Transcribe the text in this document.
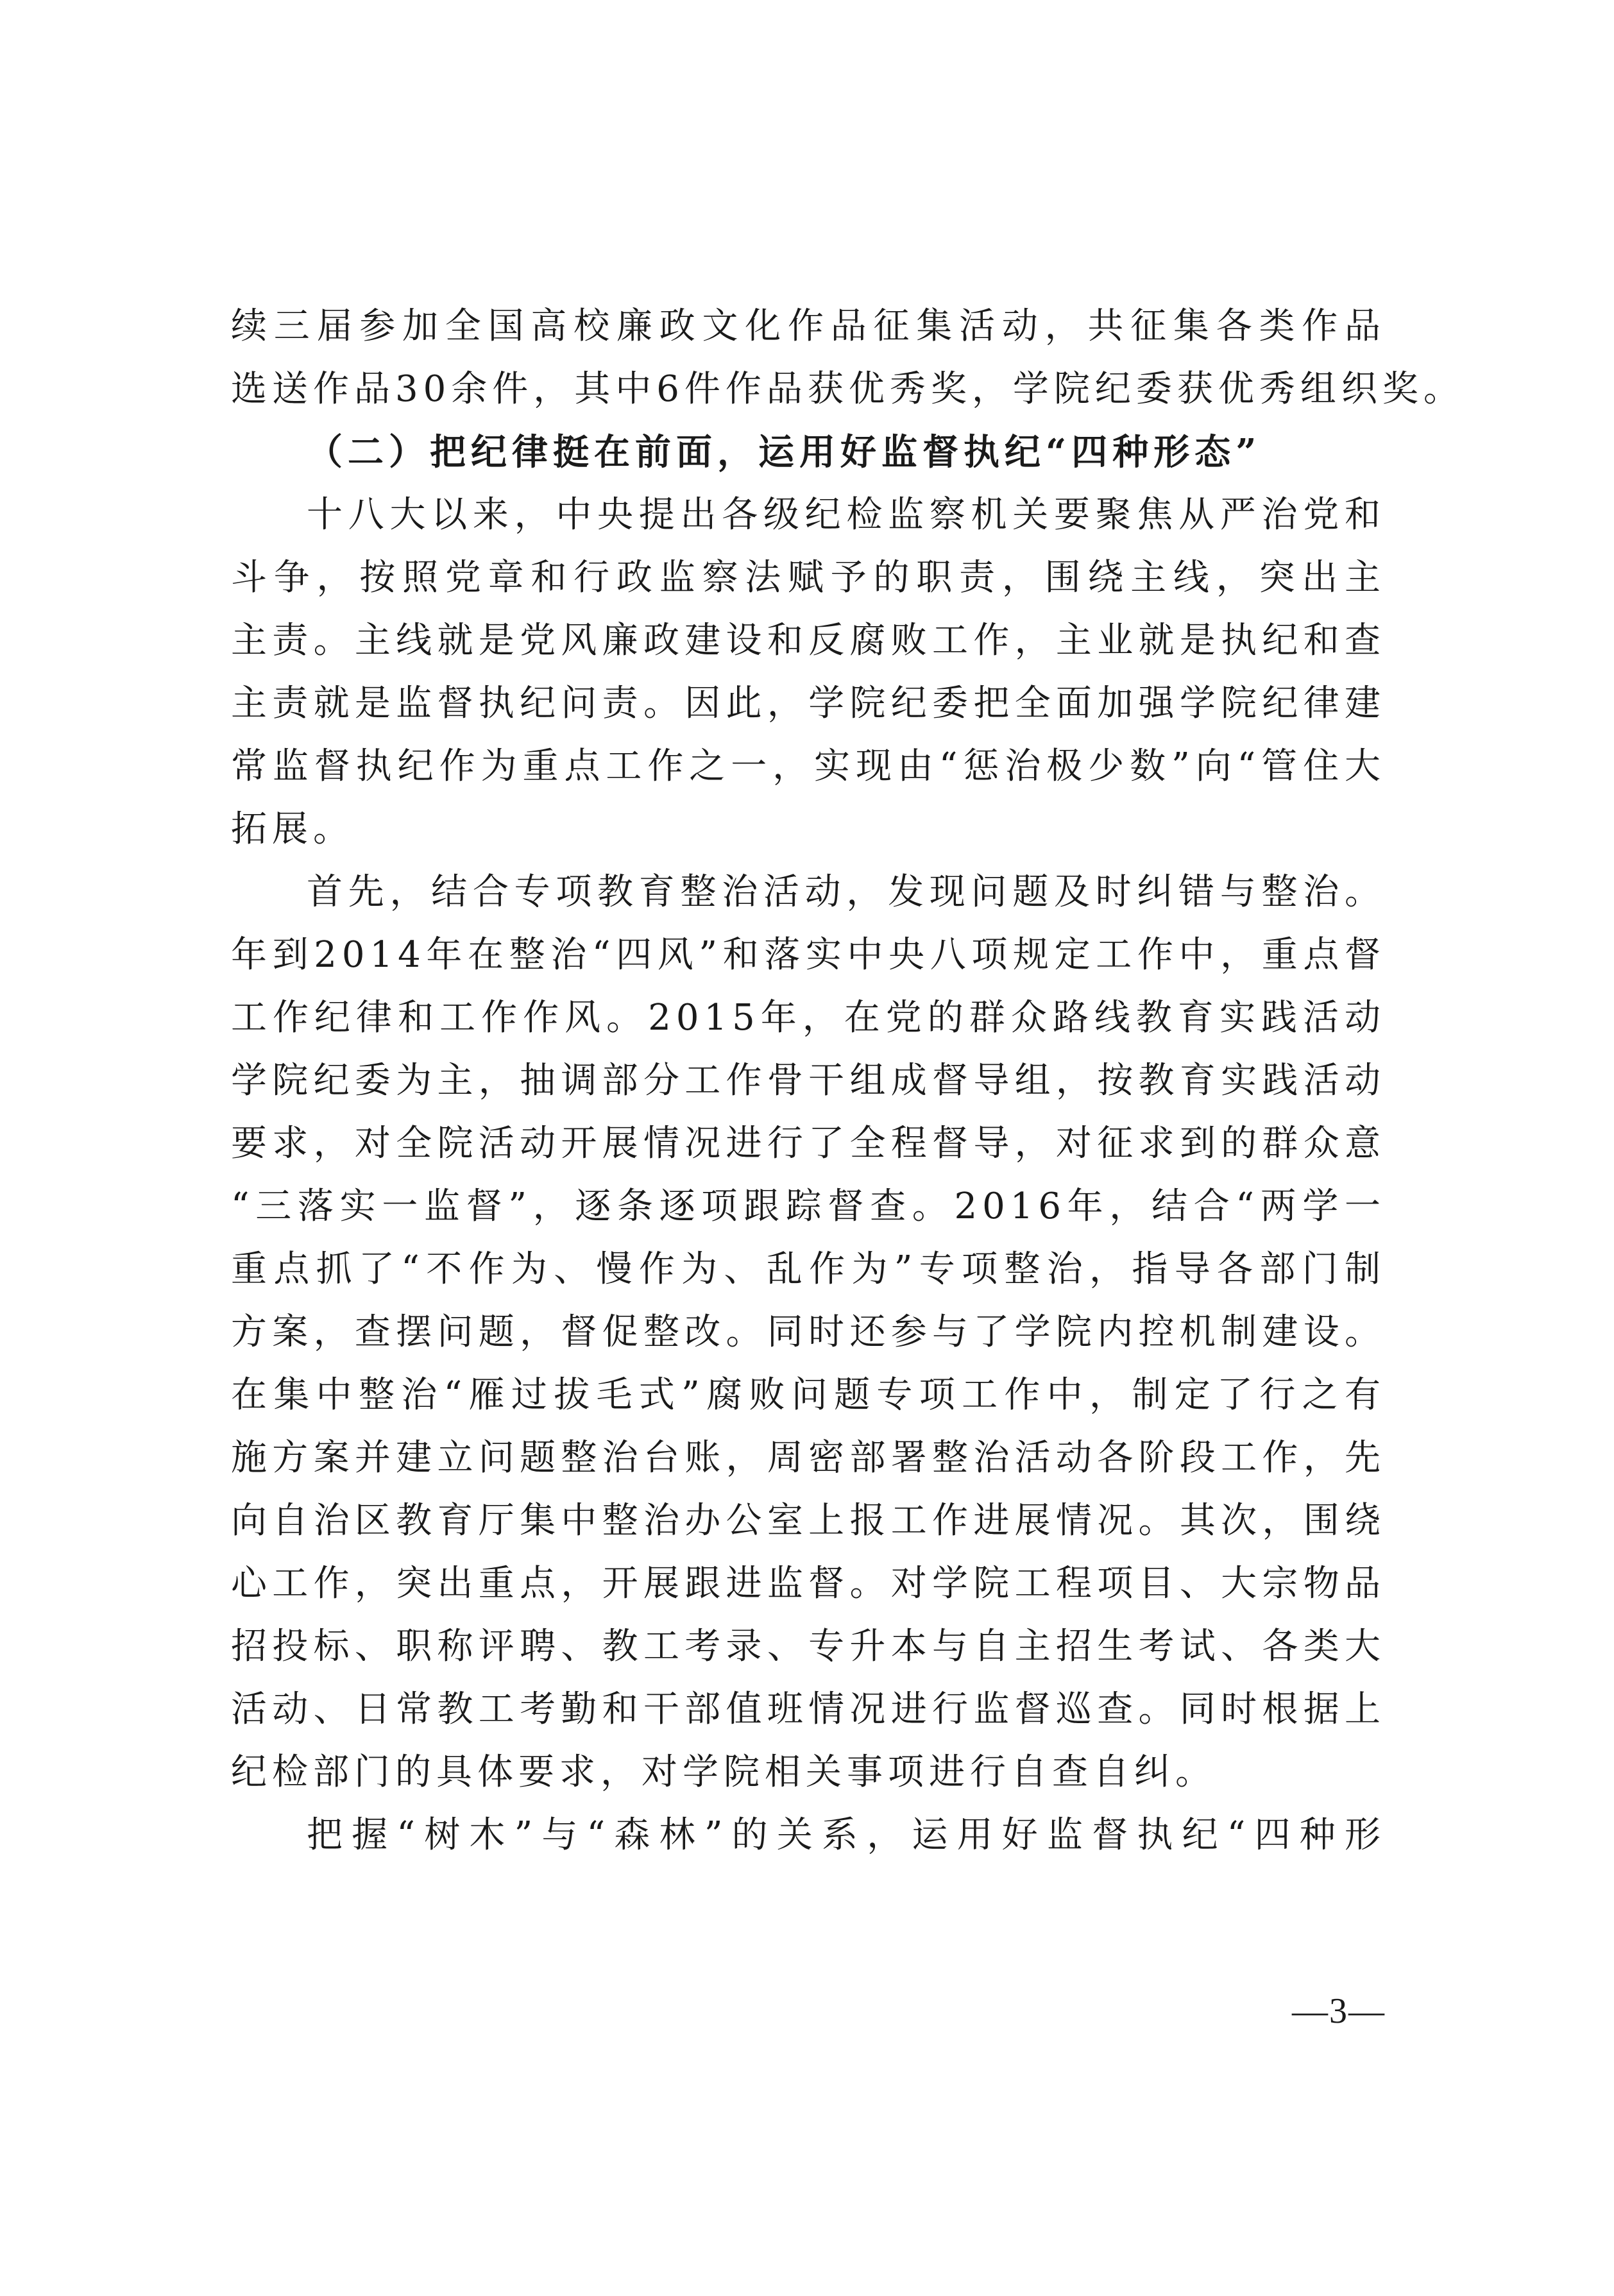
续三届参加全国高校廉政文化作品征集活动，共征集各类作品
选送作品30余件，其中6件作品获优秀奖，学院纪委获优秀组织奖。
（二）把纪律挺在前面，运用好监督执纪“四种形态”
十八大以来，中央提出各级纪检监察机关要聚焦从严治党和
斗争，按照党章和行政监察法赋予的职责，围绕主线，突出主
主责。主线就是党风廉政建设和反腐败工作，主业就是执纪和查
主责就是监督执纪问责。因此，学院纪委把全面加强学院纪律建
常监督执纪作为重点工作之一，实现由“惩治极少数”向“管住大
拓展。
首先，结合专项教育整治活动，发现问题及时纠错与整治。
年到2014年在整治“四风”和落实中央八项规定工作中，重点督
工作纪律和工作作风。2015年，在党的群众路线教育实践活动
学院纪委为主，抽调部分工作骨干组成督导组，按教育实践活动
要求，对全院活动开展情况进行了全程督导，对征求到的群众意
“三落实一监督”，逐条逐项跟踪督查。2016年，结合“两学一
重点抓了“不作为、慢作为、乱作为”专项整治，指导各部门制
方案，查摆问题，督促整改。同时还参与了学院内控机制建设。
在集中整治“雁过拔毛式”腐败问题专项工作中，制定了行之有
施方案并建立问题整治台账，周密部署整治活动各阶段工作，先
向自治区教育厅集中整治办公室上报工作进展情况。其次，围绕
心工作，突出重点，开展跟进监督。对学院工程项目、大宗物品
招投标、职称评聘、教工考录、专升本与自主招生考试、各类大
活动、日常教工考勤和干部值班情况进行监督巡查。同时根据上
纪检部门的具体要求，对学院相关事项进行自查自纠。
把握“树木”与“森林”的关系，运用好监督执纪“四种形
—3—
